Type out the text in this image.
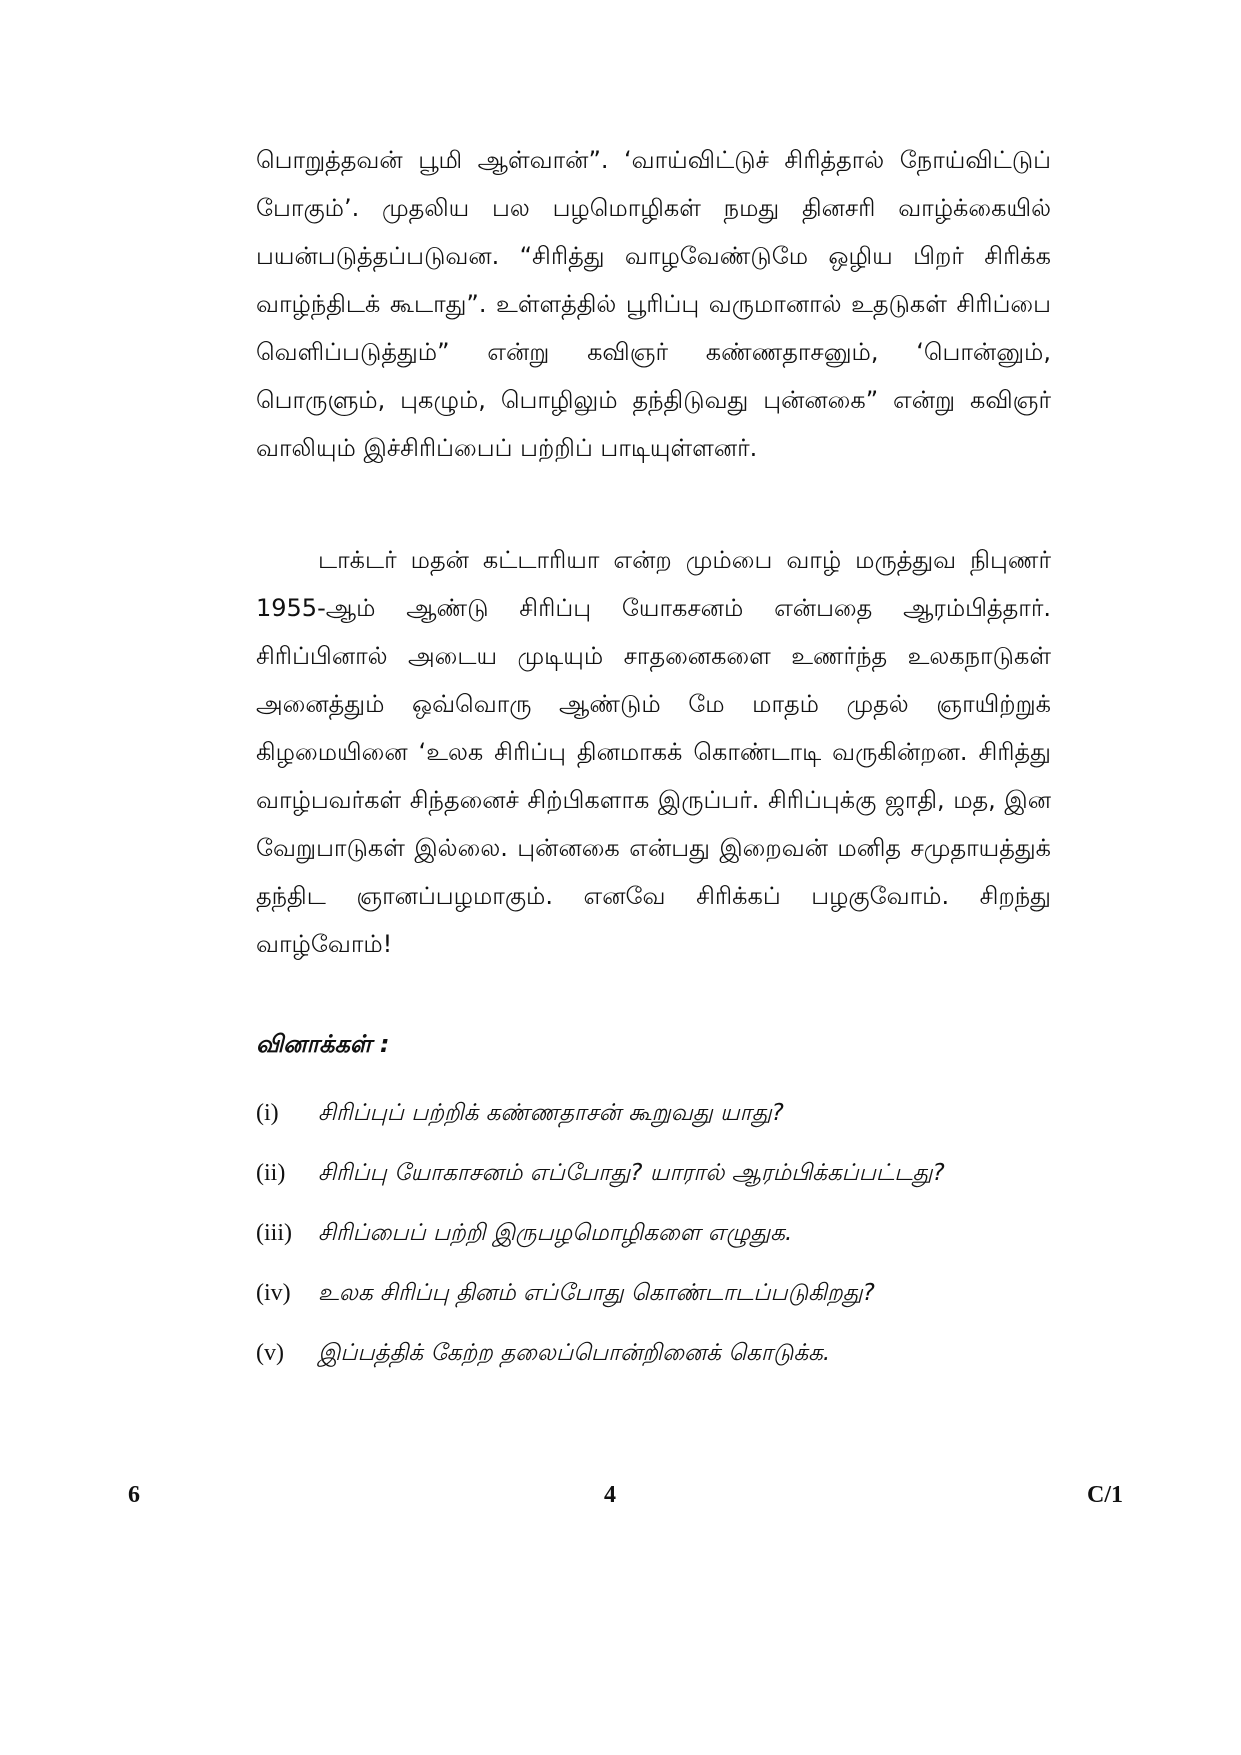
பொறுத்தவன் பூமி ஆள்வான்”. ‘வாய்விட்டுச் சிரித்தால் நோய்விட்டுப் போகும்’. முதலிய பல பழமொழிகள் நமது தினசரி வாழ்க்கையில் பயன்படுத்தப்படுவன. “சிரித்து வாழவேண்டுமே ஒழிய பிறர் சிரிக்க வாழ்ந்திடக் கூடாது”. உள்ளத்தில் பூரிப்பு வருமானால் உதடுகள் சிரிப்பை வெளிப்படுத்தும்” என்று கவிஞர் கண்ணதாசனும், ‘பொன்னும், பொருளும், புகழும், பொழிலும் தந்திடுவது புன்னகை” என்று கவிஞர் வாலியும் இச்சிரிப்பைப் பற்றிப் பாடியுள்ளனர்.

டாக்டர் மதன் கட்டாரியா என்ற மும்பை வாழ் மருத்துவ நிபுணர் 1955-ஆம் ஆண்டு சிரிப்பு யோகசனம் என்பதை ஆரம்பித்தார். சிரிப்பினால் அடைய முடியும் சாதனைகளை உணர்ந்த உலகநாடுகள் அனைத்தும் ஒவ்வொரு ஆண்டும் மே மாதம் முதல் ஞாயிற்றுக் கிழமையினை ‘உலக சிரிப்பு தினமாகக் கொண்டாடி வருகின்றன. சிரித்து வாழ்பவர்கள் சிந்தனைச் சிற்பிகளாக இருப்பர். சிரிப்புக்கு ஜாதி, மத, இன வேறுபாடுகள் இல்லை. புன்னகை என்பது இறைவன் மனித சமுதாயத்துக் தந்திட ஞானப்பழமாகும். எனவே சிரிக்கப் பழகுவோம். சிறந்து வாழ்வோம்!

வினாக்கள் :

(i)	சிரிப்புப் பற்றிக் கண்ணதாசன் கூறுவது யாது?
(ii)	சிரிப்பு யோகாசனம் எப்போது? யாரால் ஆரம்பிக்கப்பட்டது?
(iii)	சிரிப்பைப் பற்றி இருபழமொழிகளை எழுதுக.
(iv)	உலக சிரிப்பு தினம் எப்போது கொண்டாடப்படுகிறது?
(v)	இப்பத்திக் கேற்ற தலைப்பொன்றினைக் கொடுக்க.

6	4	C/1
